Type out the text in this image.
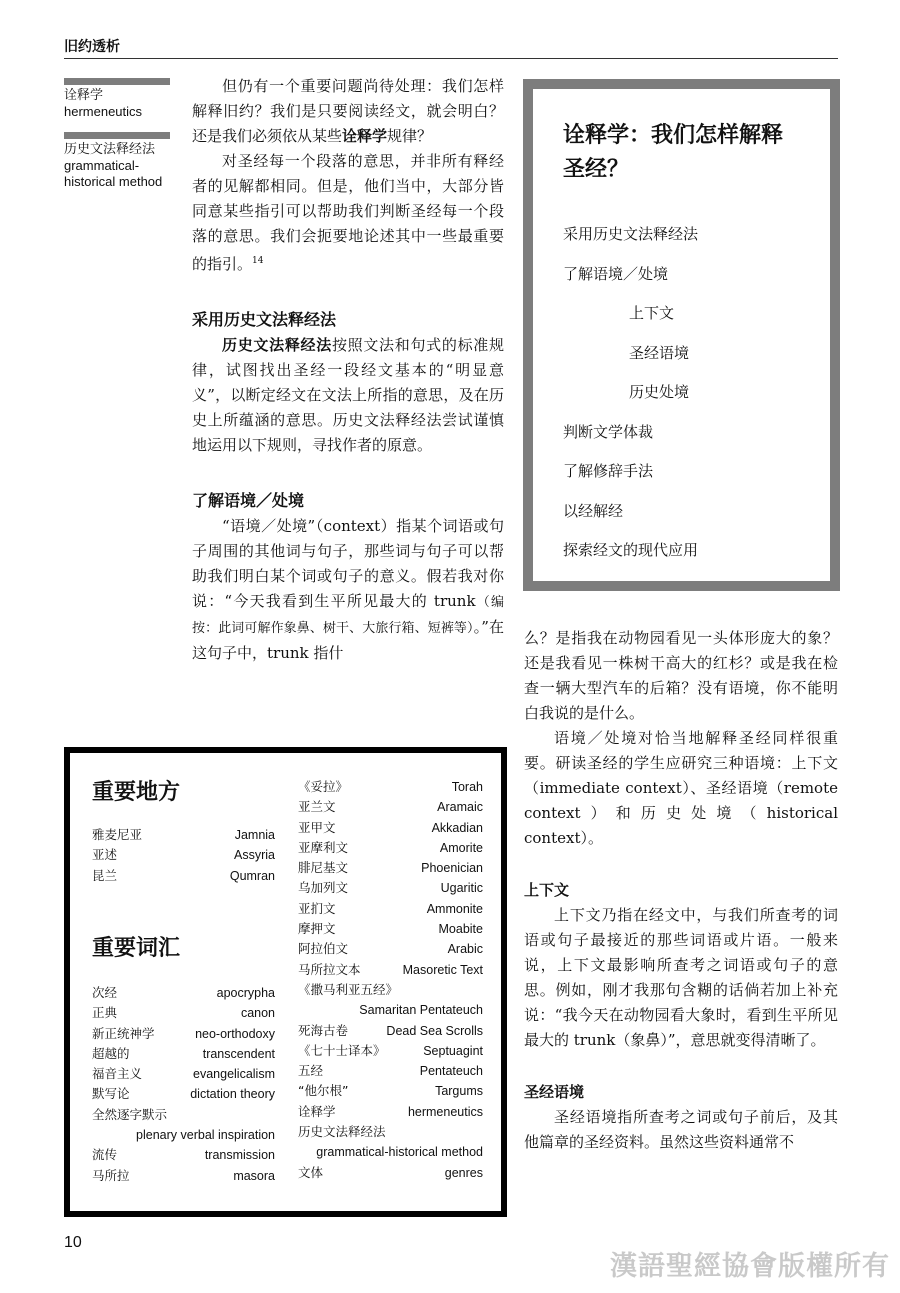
旧约透析
诠释学
hermeneutics
历史文法释经法
grammatical-historical method

但仍有一个重要问题尚待处理：我们怎样解释旧约？我们是只要阅读经文，就会明白？还是我们必须依从某些诠释学规律？

对圣经每一个段落的意思，并非所有释经者的见解都相同。但是，他们当中，大部分皆同意某些指引可以帮助我们判断圣经每一个段落的意思。我们会扼要地论述其中一些最重要的指引。$^{14}$

采用历史文法释经法

历史文法释经法按照文法和句式的标准规律，试图找出圣经一段经文基本的“明显意义”，以断定经文在文法上所指的意思，及在历史上所蕴涵的意思。历史文法释经法尝试谨慎地运用以下规则，寻找作者的原意。

了解语境／处境

“语境／处境”（context）指某个词语或句子周围的其他词与句子，那些词与句子可以帮助我们明白某个词或句子的意义。假若我对你说：“今天我看到生平所见最大的 trunk（编按：此词可解作象鼻、树干、大旅行箱、短裤等）。”在这句子中，trunk 指什

诠释学：我们怎样解释圣经？
采用历史文法释经法
了解语境／处境
上下文
圣经语境
历史处境
判断文学体裁
了解修辞手法
以经解经
探索经文的现代应用

么？是指我在动物园看见一头体形庞大的象？还是我看见一株树干高大的红杉？或是我在检查一辆大型汽车的后箱？没有语境，你不能明白我说的是什么。

语境／处境对恰当地解释圣经同样很重要。研读圣经的学生应研究三种语境：上下文（immediate context）、圣经语境（remote context）和历史处境（historical context）。

上下文

上下文乃指在经文中，与我们所查考的词语或句子最接近的那些词语或片语。一般来说，上下文最影响所查考之词语或句子的意思。例如，刚才我那句含糊的话倘若加上补充说：“我今天在动物园看大象时，看到生平所见最大的 trunk（象鼻）”，意思就变得清晰了。

圣经语境

圣经语境指所查考之词或句子前后，及其他篇章的圣经资料。虽然这些资料通常不

重要地方
雅麦尼亚	Jamnia
亚述	Assyria
昆兰	Qumran
重要词汇
次经	apocrypha
正典	canon
新正统神学	neo-orthodoxy
超越的	transcendent
福音主义	evangelicalism
默写论	dictation theory
全然逐字默示
plenary verbal inspiration
流传	transmission
马所拉	masora
《妥拉》	Torah
亚兰文	Aramaic
亚甲文	Akkadian
亚摩利文	Amorite
腓尼基文	Phoenician
乌加列文	Ugaritic
亚扪文	Ammonite
摩押文	Moabite
阿拉伯文	Arabic
马所拉文本	Masoretic Text
《撒马利亚五经》
Samaritan Pentateuch
死海古卷	Dead Sea Scrolls
《七十士译本》	Septuagint
五经	Pentateuch
“他尔根”	Targums
诠释学	hermeneutics
历史文法释经法
grammatical-historical method
文体	genres
10
漢語聖經協會版權所有
